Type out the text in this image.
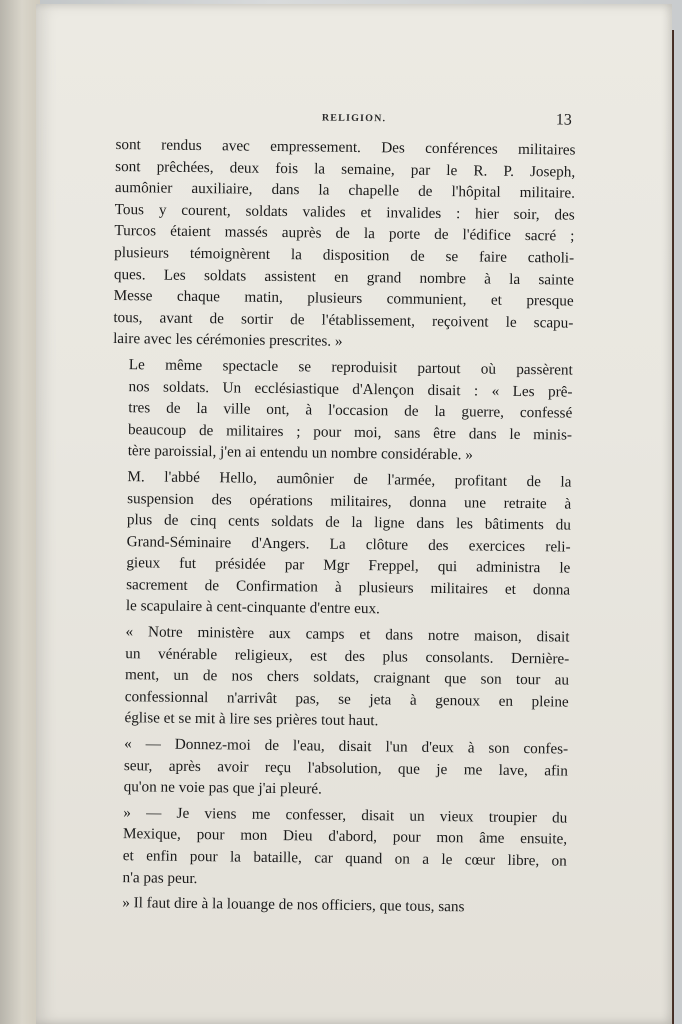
RELIGION.	13

sont rendus avec empressement. Des conférences militaires
sont prêchées, deux fois la semaine, par le R. P. Joseph,
aumônier auxiliaire, dans la chapelle de l'hôpital militaire.
Tous y courent, soldats valides et invalides : hier soir, des
Turcos étaient massés auprès de la porte de l'édifice sacré ;
plusieurs témoignèrent la disposition de se faire catholi-
ques. Les soldats assistent en grand nombre à la sainte
Messe chaque matin, plusieurs communient, et presque
tous, avant de sortir de l'établissement, reçoivent le scapu-
laire avec les cérémonies prescrites. »

Le même spectacle se reproduisit partout où passèrent
nos soldats. Un ecclésiastique d'Alençon disait : « Les prê-
tres de la ville ont, à l'occasion de la guerre, confessé
beaucoup de militaires ; pour moi, sans être dans le minis-
tère paroissial, j'en ai entendu un nombre considérable. »

M. l'abbé Hello, aumônier de l'armée, profitant de la
suspension des opérations militaires, donna une retraite à
plus de cinq cents soldats de la ligne dans les bâtiments du
Grand-Séminaire d'Angers. La clôture des exercices reli-
gieux fut présidée par Mgr Freppel, qui administra le
sacrement de Confirmation à plusieurs militaires et donna
le scapulaire à cent-cinquante d'entre eux.

« Notre ministère aux camps et dans notre maison, disait
un vénérable religieux, est des plus consolants. Dernière-
ment, un de nos chers soldats, craignant que son tour au
confessionnal n'arrivât pas, se jeta à genoux en pleine
église et se mit à lire ses prières tout haut.

« — Donnez-moi de l'eau, disait l'un d'eux à son confes-
seur, après avoir reçu l'absolution, que je me lave, afin
qu'on ne voie pas que j'ai pleuré.

» — Je viens me confesser, disait un vieux troupier du
Mexique, pour mon Dieu d'abord, pour mon âme ensuite,
et enfin pour la bataille, car quand on a le cœur libre, on
n'a pas peur.

» Il faut dire à la louange de nos officiers, que tous, sans
